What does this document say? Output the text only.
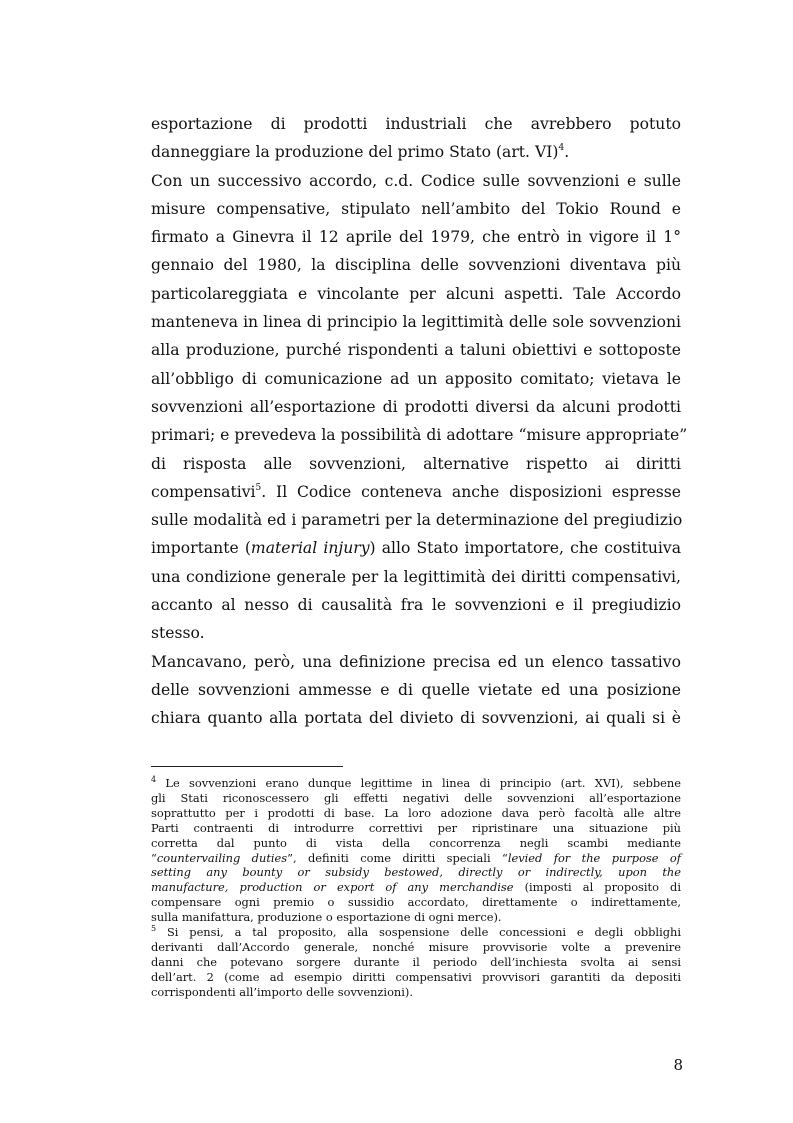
esportazione di prodotti industriali che avrebbero potuto
danneggiare la produzione del primo Stato (art. VI)$^4$.
Con un successivo accordo, c.d. Codice sulle sovvenzioni e sulle
misure compensative, stipulato nell’ambito del Tokio Round e
firmato a Ginevra il 12 aprile del 1979, che entrò in vigore il 1°
gennaio del 1980, la disciplina delle sovvenzioni diventava più
particolareggiata e vincolante per alcuni aspetti. Tale Accordo
manteneva in linea di principio la legittimità delle sole sovvenzioni
alla produzione, purché rispondenti a taluni obiettivi e sottoposte
all’obbligo di comunicazione ad un apposito comitato; vietava le
sovvenzioni all’esportazione di prodotti diversi da alcuni prodotti
primari; e prevedeva la possibilità di adottare “misure appropriate”
di risposta alle sovvenzioni, alternative rispetto ai diritti
compensativi$^5$. Il Codice conteneva anche disposizioni espresse
sulle modalità ed i parametri per la determinazione del pregiudizio
importante (material injury) allo Stato importatore, che costituiva
una condizione generale per la legittimità dei diritti compensativi,
accanto al nesso di causalità fra le sovvenzioni e il pregiudizio
stesso.
Mancavano, però, una definizione precisa ed un elenco tassativo
delle sovvenzioni ammesse e di quelle vietate ed una posizione
chiara quanto alla portata del divieto di sovvenzioni, ai quali si è
$^4$ Le sovvenzioni erano dunque legittime in linea di principio (art. XVI), sebbene
gli Stati riconoscessero gli effetti negativi delle sovvenzioni all’esportazione
soprattutto per i prodotti di base. La loro adozione dava però facoltà alle altre
Parti contraenti di introdurre correttivi per ripristinare una situazione più
corretta dal punto di vista della concorrenza negli scambi mediante
“countervailing duties”, definiti come diritti speciali “levied for the purpose of
setting any bounty or subsidy bestowed, directly or indirectly, upon the
manufacture, production or export of any merchandise (imposti al proposito di
compensare ogni premio o sussidio accordato, direttamente o indirettamente,
sulla manifattura, produzione o esportazione di ogni merce).
$^5$ Si pensi, a tal proposito, alla sospensione delle concessioni e degli obblighi
derivanti dall’Accordo generale, nonché misure provvisorie volte a prevenire
danni che potevano sorgere durante il periodo dell’inchiesta svolta ai sensi
dell’art. 2 (come ad esempio diritti compensativi provvisori garantiti da depositi
corrispondenti all’importo delle sovvenzioni).
8
